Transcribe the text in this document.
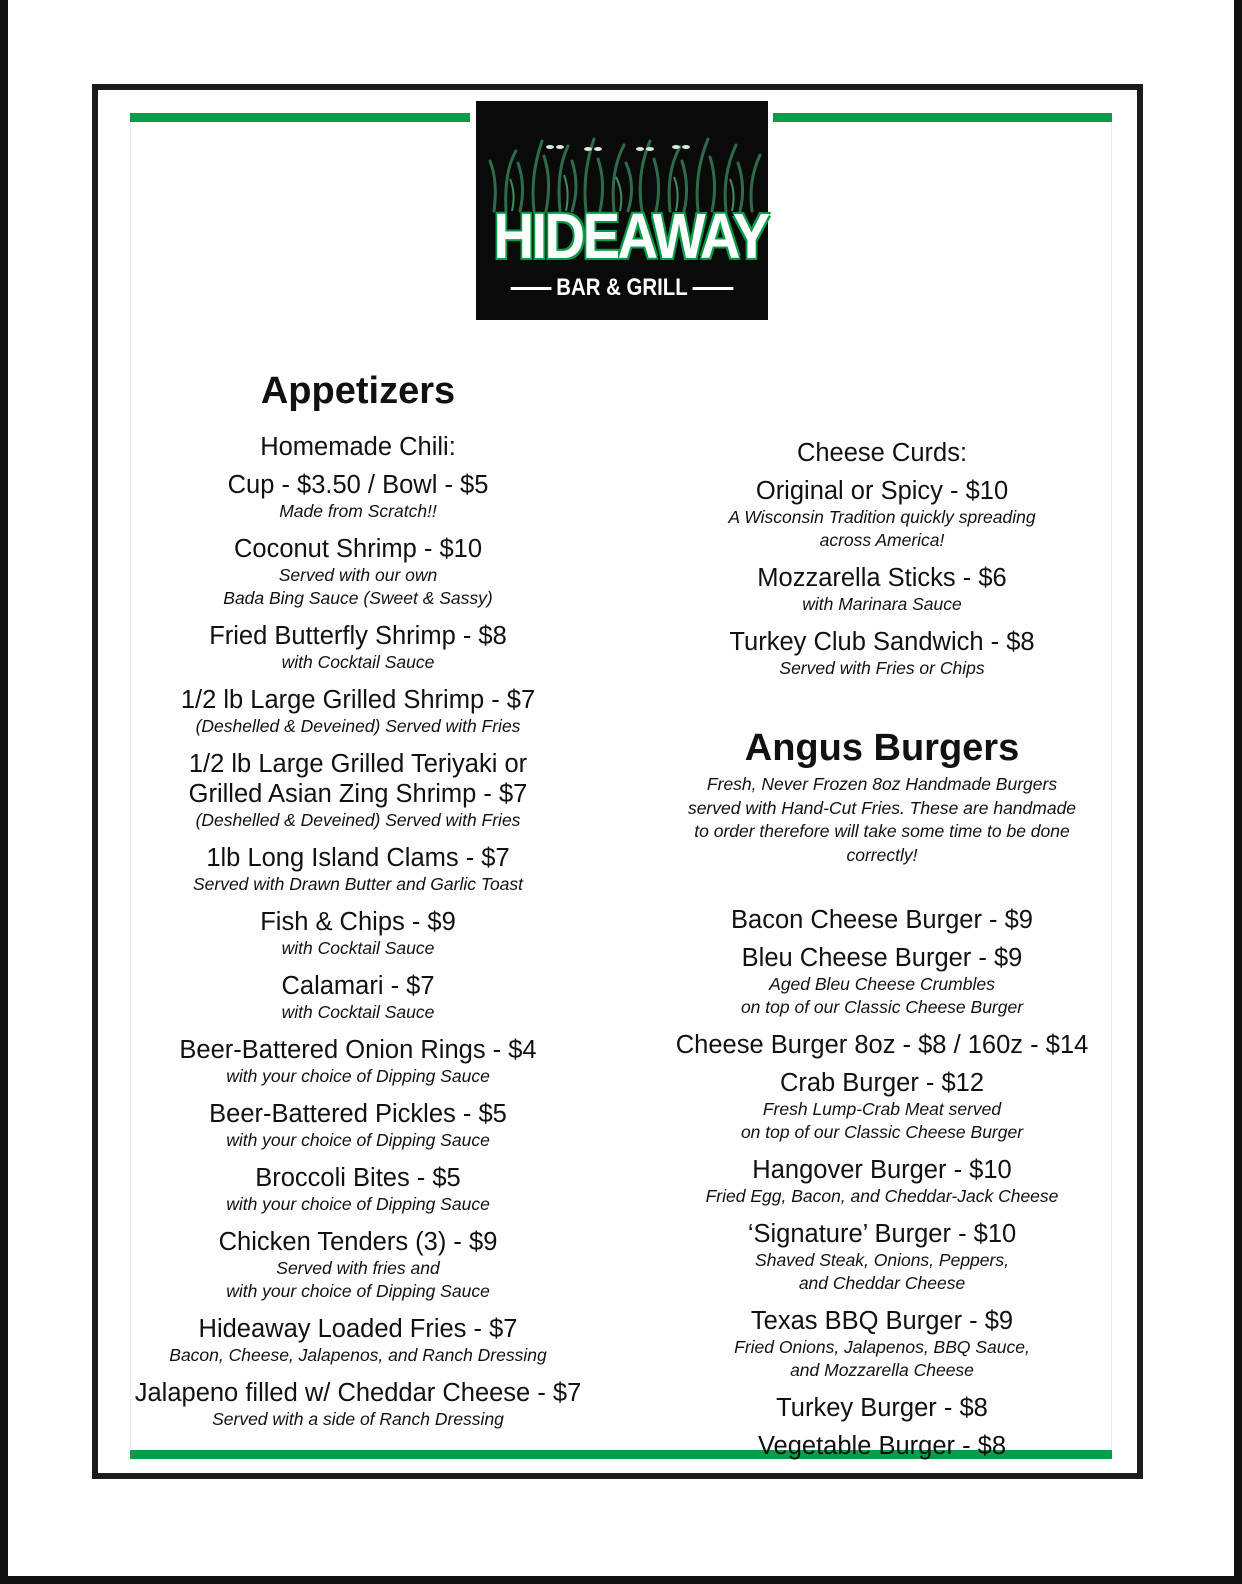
HIDEAWAY
BAR & GRILL
Appetizers
Homemade Chili:
Cup - $3.50 / Bowl - $5
Made from Scratch!!
Coconut Shrimp - $10
Served with our own
Bada Bing Sauce (Sweet & Sassy)
Fried Butterfly Shrimp - $8
with Cocktail Sauce
1/2 lb Large Grilled Shrimp - $7
(Deshelled & Deveined) Served with Fries
1/2 lb Large Grilled Teriyaki or
Grilled Asian Zing Shrimp - $7
(Deshelled & Deveined) Served with Fries
1lb Long Island Clams - $7
Served with Drawn Butter and Garlic Toast
Fish & Chips - $9
with Cocktail Sauce
Calamari - $7
with Cocktail Sauce
Beer-Battered Onion Rings - $4
with your choice of Dipping Sauce
Beer-Battered Pickles - $5
with your choice of Dipping Sauce
Broccoli Bites - $5
with your choice of Dipping Sauce
Chicken Tenders (3) - $9
Served with fries and
with your choice of Dipping Sauce
Hideaway Loaded Fries - $7
Bacon, Cheese, Jalapenos, and Ranch Dressing
Jalapeno filled w/ Cheddar Cheese - $7
Served with a side of Ranch Dressing
Cheese Curds:
Original or Spicy - $10
A Wisconsin Tradition quickly spreading
across America!
Mozzarella Sticks - $6
with Marinara Sauce
Turkey Club Sandwich - $8
Served with Fries or Chips
Angus Burgers
Fresh, Never Frozen 8oz Handmade Burgers
served with Hand-Cut Fries. These are handmade
to order therefore will take some time to be done
correctly!
Bacon Cheese Burger - $9
Bleu Cheese Burger - $9
Aged Bleu Cheese Crumbles
on top of our Classic Cheese Burger
Cheese Burger 8oz - $8 / 160z - $14
Crab Burger - $12
Fresh Lump-Crab Meat served
on top of our Classic Cheese Burger
Hangover Burger - $10
Fried Egg, Bacon, and Cheddar-Jack Cheese
‘Signature’ Burger - $10
Shaved Steak, Onions, Peppers,
and Cheddar Cheese
Texas BBQ Burger - $9
Fried Onions, Jalapenos, BBQ Sauce,
and Mozzarella Cheese
Turkey Burger - $8
Vegetable Burger - $8
